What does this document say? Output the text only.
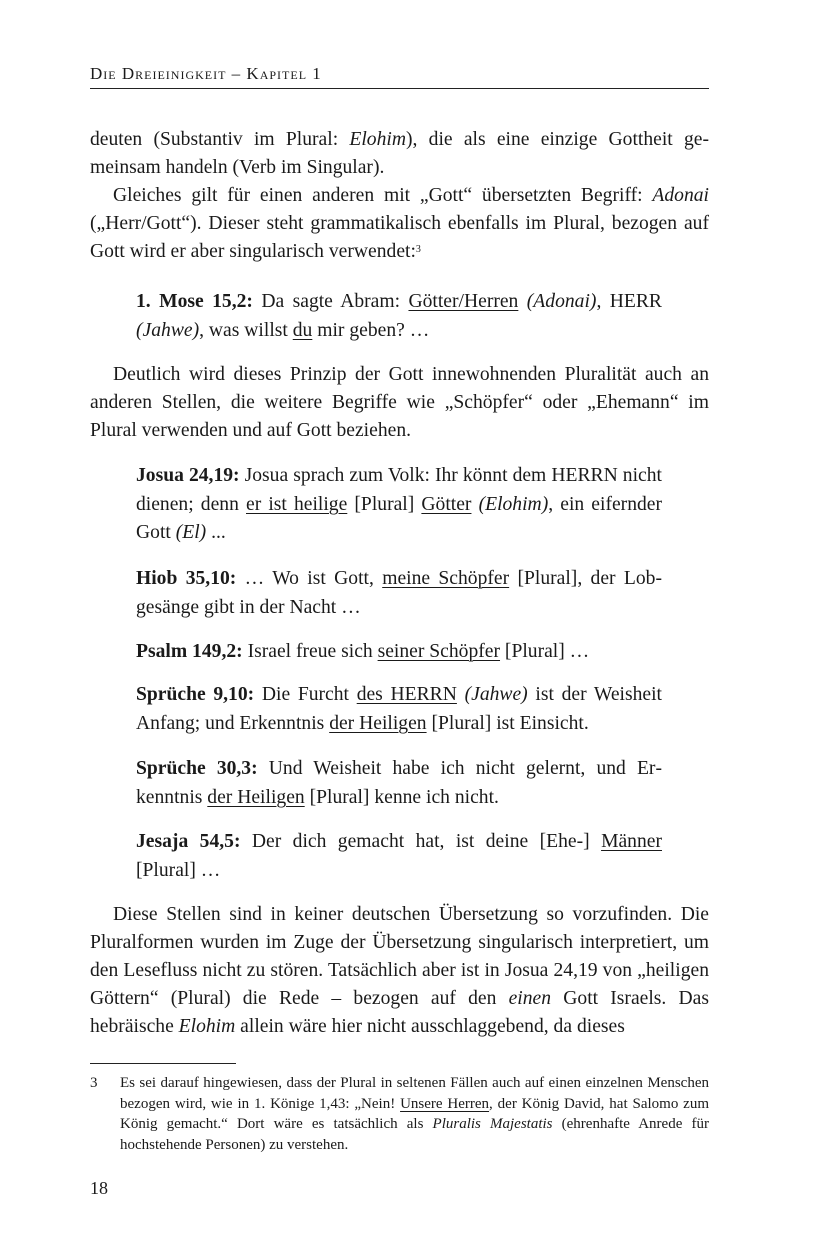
Die Dreieinigkeit – Kapitel 1

deuten (Substantiv im Plural: Elohim), die als eine einzige Gottheit gemeinsam handeln (Verb im Singular).

Gleiches gilt für einen anderen mit „Gott“ übersetzten Begriff: Adonai („Herr/Gott“). Dieser steht grammatikalisch ebenfalls im Plural, bezogen auf Gott wird er aber singularisch verwendet:$^3$

1. Mose 15,2: Da sagte Abram: Götter/Herren (Adonai), HERR (Jahwe), was willst du mir geben? …

Deutlich wird dieses Prinzip der Gott innewohnenden Pluralität auch an anderen Stellen, die weitere Begriffe wie „Schöpfer“ oder „Ehemann“ im Plural verwenden und auf Gott beziehen.

Josua 24,19: Josua sprach zum Volk: Ihr könnt dem HERRN nicht dienen; denn er ist heilige [Plural] Götter (Elohim), ein eifernder Gott (El) ...

Hiob 35,10: … Wo ist Gott, meine Schöpfer [Plural], der Lobgesänge gibt in der Nacht …

Psalm 149,2: Israel freue sich seiner Schöpfer [Plural] …

Sprüche 9,10: Die Furcht des HERRN (Jahwe) ist der Weisheit Anfang; und Erkenntnis der Heiligen [Plural] ist Einsicht.

Sprüche 30,3: Und Weisheit habe ich nicht gelernt, und Erkenntnis der Heiligen [Plural] kenne ich nicht.

Jesaja 54,5: Der dich gemacht hat, ist deine [Ehe-] Männer [Plural] …

Diese Stellen sind in keiner deutschen Übersetzung so vorzufinden. Die Pluralformen wurden im Zuge der Übersetzung singularisch interpretiert, um den Lesefluss nicht zu stören. Tatsächlich aber ist in Josua 24,19 von „heiligen Göttern“ (Plural) die Rede – bezogen auf den einen Gott Israels. Das hebräische Elohim allein wäre hier nicht ausschlaggebend, da dieses

3 Es sei darauf hingewiesen, dass der Plural in seltenen Fällen auch auf einen einzelnen Menschen bezogen wird, wie in 1. Könige 1,43: „Nein! Unsere Herren, der König David, hat Salomo zum König gemacht.“ Dort wäre es tatsächlich als Pluralis Majestatis (ehrenhafte Anrede für hochstehende Personen) zu verstehen.

18
